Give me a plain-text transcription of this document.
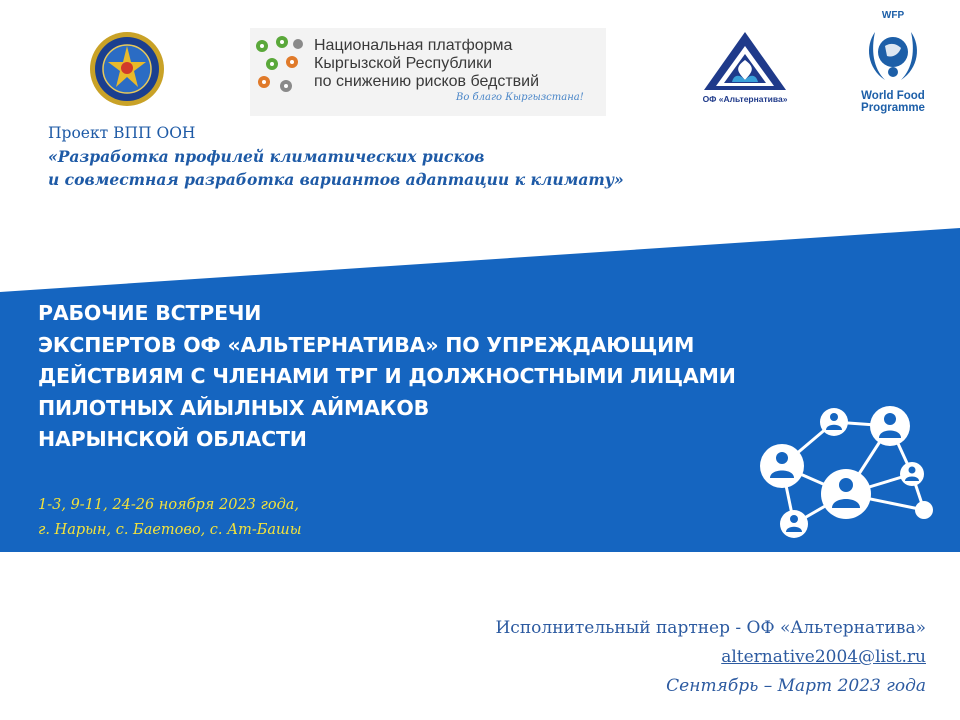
Национальная платформа
Кыргызской Республики
по снижению рисков бедствий
Во благо Кыргызстана!	ОФ «Альтернатива»
WFP
World Food
Programme
Проект ВПП ООН
«Разработка профилей климатических рисков
и совместная разработка вариантов адаптации к климату»
РАБОЧИЕ ВСТРЕЧИ
ЭКСПЕРТОВ ОФ «АЛЬТЕРНАТИВА» ПО УПРЕЖДАЮЩИМ
ДЕЙСТВИЯМ С ЧЛЕНАМИ ТРГ И ДОЛЖНОСТНЫМИ ЛИЦАМИ
ПИЛОТНЫХ АЙЫЛНЫХ АЙМАКОВ
НАРЫНСКОЙ ОБЛАСТИ
1-3, 9-11, 24-26 ноября 2023 года,
г. Нарын, с. Баетово, с. Ат-Башы
Исполнительный партнер - ОФ «Альтернатива»
alternative2004@list.ru
Сентябрь – Март 2023 года
